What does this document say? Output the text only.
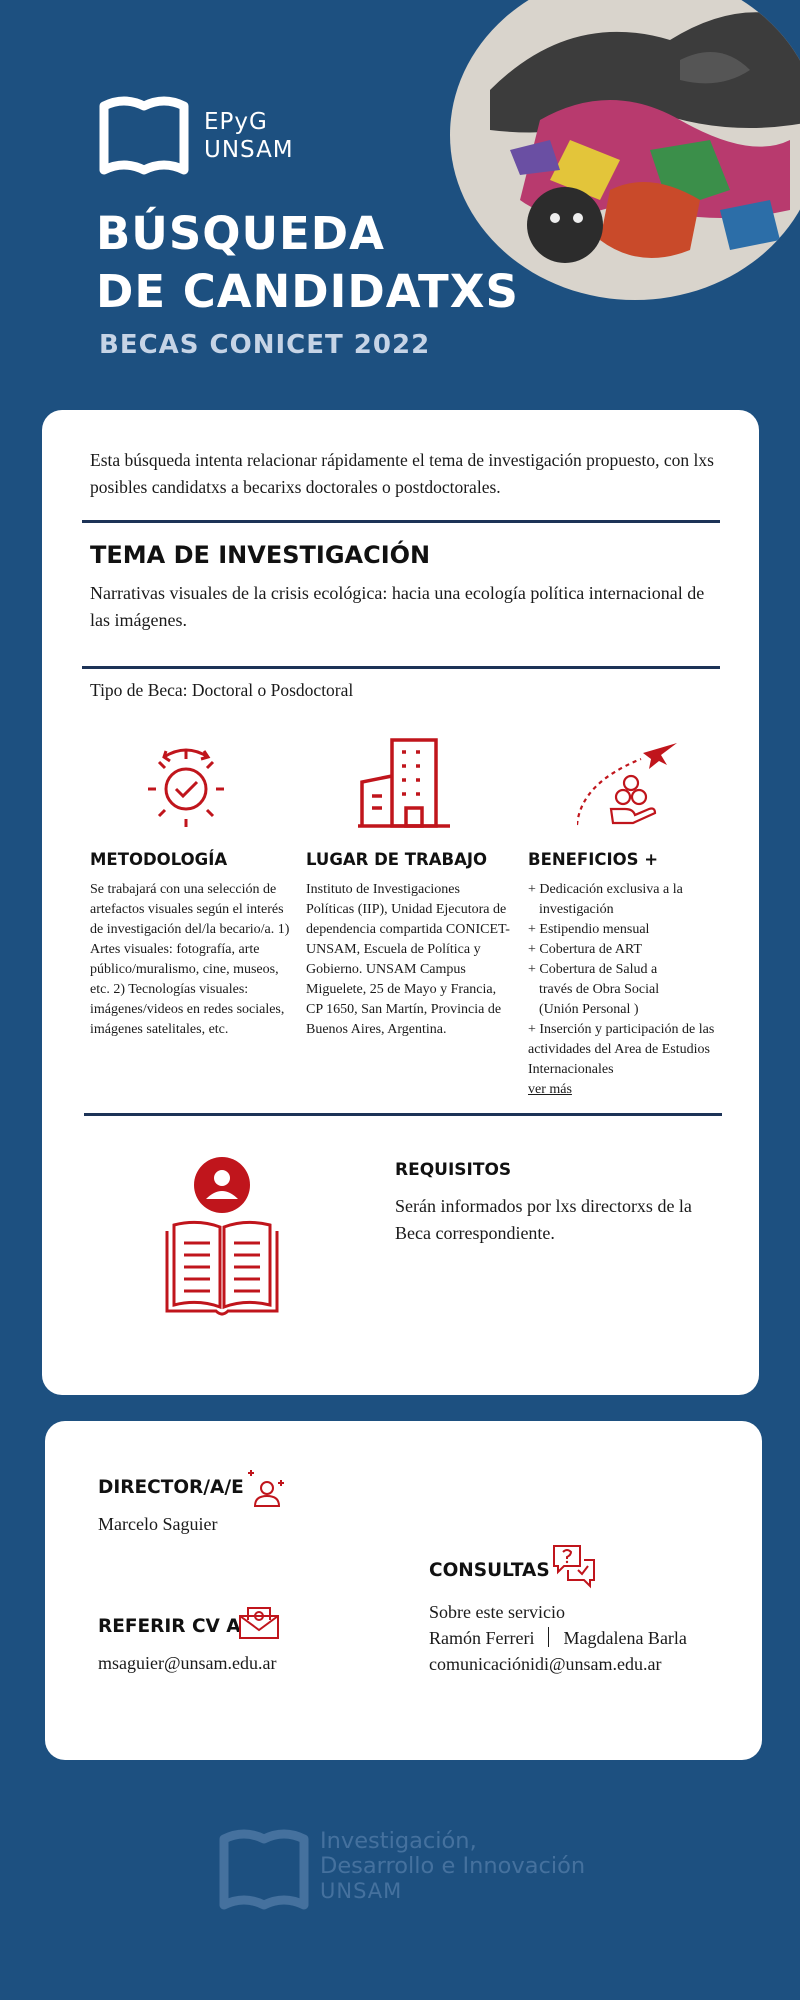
EPyG
UNSAM
BÚSQUEDA
DE CANDIDATXS
BECAS CONICET 2022
Esta búsqueda intenta relacionar rápidamente el tema de investigación propuesto, con lxs posibles candidatxs a becarixs doctorales o postdoctorales.
TEMA DE INVESTIGACIÓN
Narrativas visuales de la crisis ecológica: hacia una ecología política internacional de las imágenes.
Tipo de Beca: Doctoral o Posdoctoral
METODOLOGÍA
Se trabajará con una selección de artefactos visuales según el interés de investigación del/la becario/a. 1) Artes visuales: fotografía, arte público/muralismo, cine, museos, etc. 2) Tecnologías visuales: imágenes/videos en redes sociales, imágenes satelitales, etc.
LUGAR DE TRABAJO
Instituto de Investigaciones Políticas (IIP), Unidad Ejecutora de dependencia compartida CONICET-UNSAM, Escuela de Política y Gobierno. UNSAM Campus Miguelete, 25 de Mayo y Francia, CP 1650, San Martín, Provincia de Buenos Aires, Argentina.
BENEFICIOS +
+ Dedicación exclusiva a la
investigación
+ Estipendio mensual
+ Cobertura de ART
+ Cobertura de Salud a
través de Obra Social
(Unión Personal )
+ Inserción y participación de las actividades del Area de Estudios Internacionales
ver más
REQUISITOS
Serán informados por lxs directorxs de la Beca correspondiente.
DIRECTOR/A/E
Marcelo Saguier
REFERIR CV A
msaguier@unsam.edu.ar
CONSULTAS
Sobre este servicio
Ramón Ferreri Magdalena Barla
comunicaciónidi@unsam.edu.ar
Investigación,
Desarrollo e Innovación
UNSAM
